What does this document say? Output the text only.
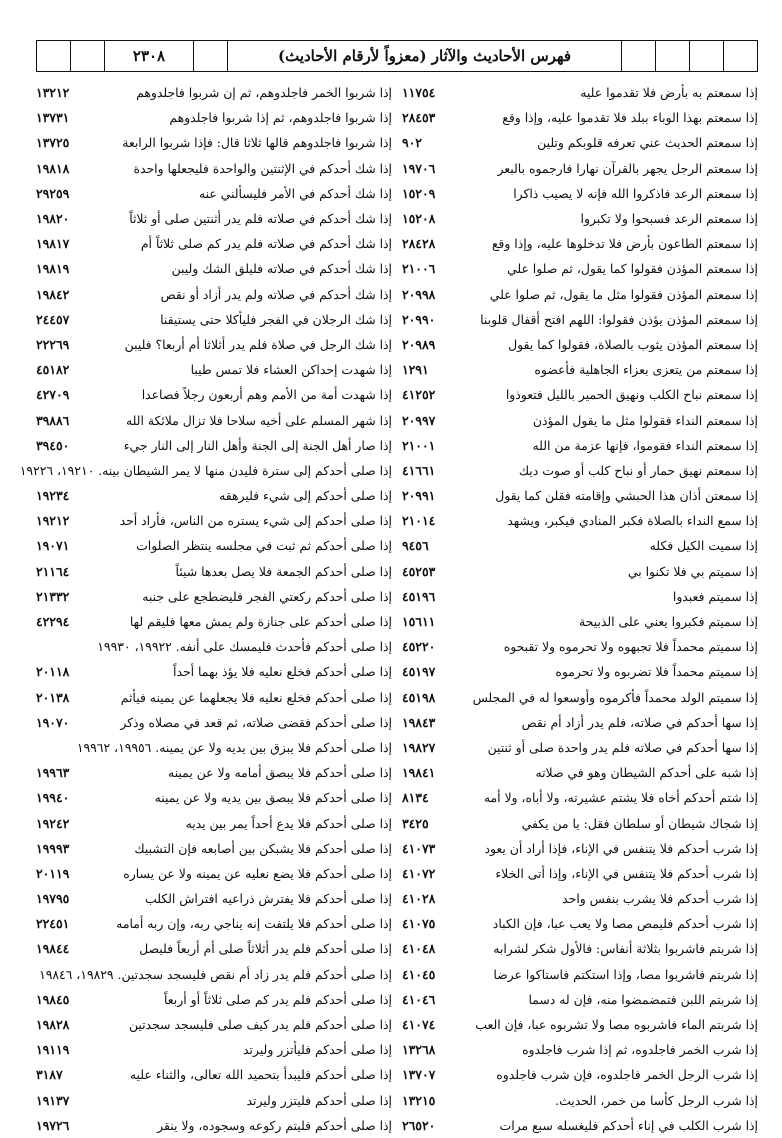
فهرس الأحاديث والآثار (معزواً لأرقام الأحاديث)
٢٣٠٨
إذا سمعتم به بأرض فلا تقدموا عليه
١١٧٥٤
إذا سمعتم بهذا الوباء ببلد فلا تقدموا عليه، وإذا وقع
٢٨٤٥٣
إذا سمعتم الحديث عني تعرفه قلوبكم وتلين
٩٠٢
إذا سمعتم الرجل يجهر بالقرآن نهارا فارجموه بالبعر
١٩٧٠٦
إذا سمعتم الرعد فاذكروا الله فإنه لا يصيب ذاكرا
١٥٢٠٩
إذا سمعتم الرعد فسبحوا ولا تكبروا
١٥٢٠٨
إذا سمعتم الطاعون بأرض فلا تدخلوها عليه، وإذا وقع
٢٨٤٢٨
إذا سمعتم المؤذن فقولوا كما يقول، ثم صلوا علي
٢١٠٠٦
إذا سمعتم المؤذن فقولوا مثل ما يقول، ثم صلوا علي
٢٠٩٩٨
إذا سمعتم المؤذن يؤذن فقولوا: اللهم افتح أقفال قلوبنا
٢٠٩٩٠
إذا سمعتم المؤذن يثوب بالصلاة، فقولوا كما يقول
٢٠٩٨٩
إذا سمعتم من يتعزى بعزاء الجاهلية فأعضوه
١٢٩١
إذا سمعتم نباح الكلب ونهيق الحمير بالليل فتعوذوا
٤١٢٥٢
إذا سمعتم النداء فقولوا مثل ما يقول المؤذن
٢٠٩٩٧
إذا سمعتم النداء فقوموا، فإنها عزمة من الله
٢١٠٠١
إذا سمعتم نهيق حمار أو نباح كلب أو صوت ديك
٤١٦٦١
إذا سمعتن أذان هذا الحبشي وإقامته فقلن كما يقول
٢٠٩٩١
إذا سمع النداء بالصلاة فكبر المنادي فيكبر، ويشهد
٢١٠١٤
إذا سميت الكيل فكله
٩٤٥٦
إذا سميتم بي فلا تكنوا بي
٤٥٢٥٣
إذا سميتم فعبدوا
٤٥١٩٦
إذا سميتم فكبروا يعني على الذبيحة
١٥٦١١
إذا سميتم محمداً فلا تجبهوه ولا تحرموه ولا تقبحوه
٤٥٢٢٠
إذا سميتم محمداً فلا تضربوه ولا تحرموه
٤٥١٩٧
إذا سميتم الولد محمداً فأكرموه وأوسعوا له في المجلس
٤٥١٩٨
إذا سها أحدكم في صلاته، فلم يدر أزاد أم نقص
١٩٨٤٣
إذا سها أحدكم في صلاته فلم يدر واحدة صلى أو ثنتين
١٩٨٢٧
إذا شبه على أحدكم الشيطان وهو في صلاته
١٩٨٤١
إذا شتم أحدكم أخاه فلا يشتم عشيرته، ولا أباه، ولا أمه
٨١٣٤
إذا شجاك شيطان أو سلطان فقل: يا من يكفي
٣٤٢٥
إذا شرب أحدكم فلا يتنفس في الإناء، فإذا أراد أن يعود
٤١٠٧٣
إذا شرب أحدكم فلا يتنفس في الإناء، وإذا أتى الخلاء
٤١٠٧٢
إذا شرب أحدكم فلا يشرب بنفس واحد
٤١٠٢٨
إذا شرب أحدكم فليمص مصا ولا يعب عبا، فإن الكباد
٤١٠٧٥
إذا شربتم فاشربوا بثلاثة أنفاس: فالأول شكر لشرابه
٤١٠٤٨
إذا شربتم فاشربوا مصا، وإذا استكتم فاستاكوا عرضا
٤١٠٤٥
إذا شربتم اللبن فتمضمضوا منه، فإن له دسما
٤١٠٤٦
إذا شربتم الماء فاشربوه مصا ولا تشربوه عبا، فإن العب
٤١٠٧٤
إذا شرب الخمر فاجلدوه، ثم إذا شرب فاجلدوه
١٣٢٦٨
إذا شرب الرجل الخمر فاجلدوه، فإن شرب فاجلدوه
١٣٧٠٧
إذا شرب الرجل كأسا من خمر، الحديث.
١٣٢١٥
إذا شرب الكلب في إناء أحدكم فليغسله سبع مرات
٢٦٥٢٠
إذا شربوا الخمر فاجلدوهم، ثم إن شربوا فاجلدوهم
١٣٢١٢
إذا شربوا فاجلدوهم، ثم إذا شربوا فاجلدوهم
١٣٧٣١
إذا شربوا فاجلدوهم قالها ثلاثا قال: فإذا شربوا الرابعة
١٣٧٢٥
إذا شك أحدكم في الإثنتين والواحدة فليجعلها واحدة
١٩٨١٨
إذا شك أحدكم في الأمر فليسألني عنه
٢٩٢٥٩
إذا شك أحدكم في صلاته فلم يدر أثنتين صلى أو ثلاثاً
١٩٨٢٠
إذا شك أحدكم في صلاته فلم يدر كم صلى ثلاثاً أم
١٩٨١٧
إذا شك أحدكم في صلاته فليلق الشك وليبن
١٩٨١٩
إذا شك أحدكم في صلاته ولم يدر أزاد أو نقص
١٩٨٤٢
إذا شك الرجلان في الفجر فليأكلا حتى يستيقنا
٢٤٤٥٧
إذا شك الرجل في صلاة فلم يدر أثلاثا أم أربعا؟ فليبن
٢٢٢٦٩
إذا شهدت إحداكن العشاء فلا تمس طيبا
٤٥١٨٢
إذا شهدت أمة من الأمم وهم أربعون رجلاً فصاعدا
٤٢٧٠٩
إذا شهر المسلم على أخيه سلاحا فلا تزال ملائكة الله
٣٩٨٨٦
إذا صار أهل الجنة إلى الجنة وأهل النار إلى النار جيء
٣٩٤٥٠
إذا صلى أحدكم إلى سترة فليدن منها لا يمر الشيطان بينه. ١٩٢١٠، ١٩٢٢٦
إذا صلى أحدكم إلى شيء فليرهقه
١٩٢٣٤
إذا صلى أحدكم إلى شيء يستره من الناس، فأراد أحد
١٩٢١٢
إذا صلى أحدكم ثم ثبت في مجلسه ينتظر الصلوات
١٩٠٧١
إذا صلى أحدكم الجمعة فلا يصل بعدها شيئاً
٢١١٦٤
إذا صلى أحدكم ركعتي الفجر فليضطجع على جنبه
٢١٣٣٢
إذا صلى أحدكم على جنازة ولم يمش معها فليقم لها
٤٢٢٩٤
إذا صلى أحدكم فأحدث فليمسك على أنفه. ١٩٩٢٢، ١٩٩٣٠
إذا صلى أحدكم فخلع نعليه فلا يؤذ بهما أحداً
٢٠١١٨
إذا صلى أحدكم فخلع نعليه فلا يجعلهما عن يمينه فيأثم
٢٠١٣٨
إذا صلى أحدكم فقضى صلاته، ثم قعد في مصلاه وذكر
١٩٠٧٠
إذا صلى أحدكم فلا يبزق بين يديه ولا عن يمينه. ١٩٩٥٦، ١٩٩٦٢
إذا صلى أحدكم فلا يبصق أمامه ولا عن يمينه
١٩٩٦٣
إذا صلى أحدكم فلا يبصق بين يديه ولا عن يمينه
١٩٩٤٠
إذا صلى أحدكم فلا يدع أحداً يمر بين يديه
١٩٢٤٢
إذا صلى أحدكم فلا يشبكن بين أصابعه فإن التشبيك
١٩٩٩٣
إذا صلى أحدكم فلا يضع نعليه عن يمينه ولا عن يساره
٢٠١١٩
إذا صلى أحدكم فلا يفترش ذراعيه افتراش الكلب
١٩٧٩٥
إذا صلى أحدكم فلا يلتفت إنه يناجي ربه، وإن ربه أمامه
٢٢٤٥١
إذا صلى أحدكم فلم يدر أثلاثاً صلى أم أربعاً فليصل
١٩٨٤٤
إذا صلى أحدكم فلم يدر زاد أم نقص فليسجد سجدتين. ١٩٨٢٩، ١٩٨٤٦
إذا صلى أحدكم فلم يدر كم صلى ثلاثاً أو أربعاً
١٩٨٤٥
إذا صلى أحدكم فلم يدر كيف صلى فليسجد سجدتين
١٩٨٢٨
إذا صلى أحدكم فليأتزر وليرتد
١٩١١٩
إذا صلى أحدكم فليبدأ بتحميد الله تعالى، والثناء عليه
٣١٨٧
إذا صلى أحدكم فليتزر وليرتد
١٩١٣٧
إذا صلى أحدكم فليتم ركوعه وسجوده، ولا ينقر
١٩٧٢٦
